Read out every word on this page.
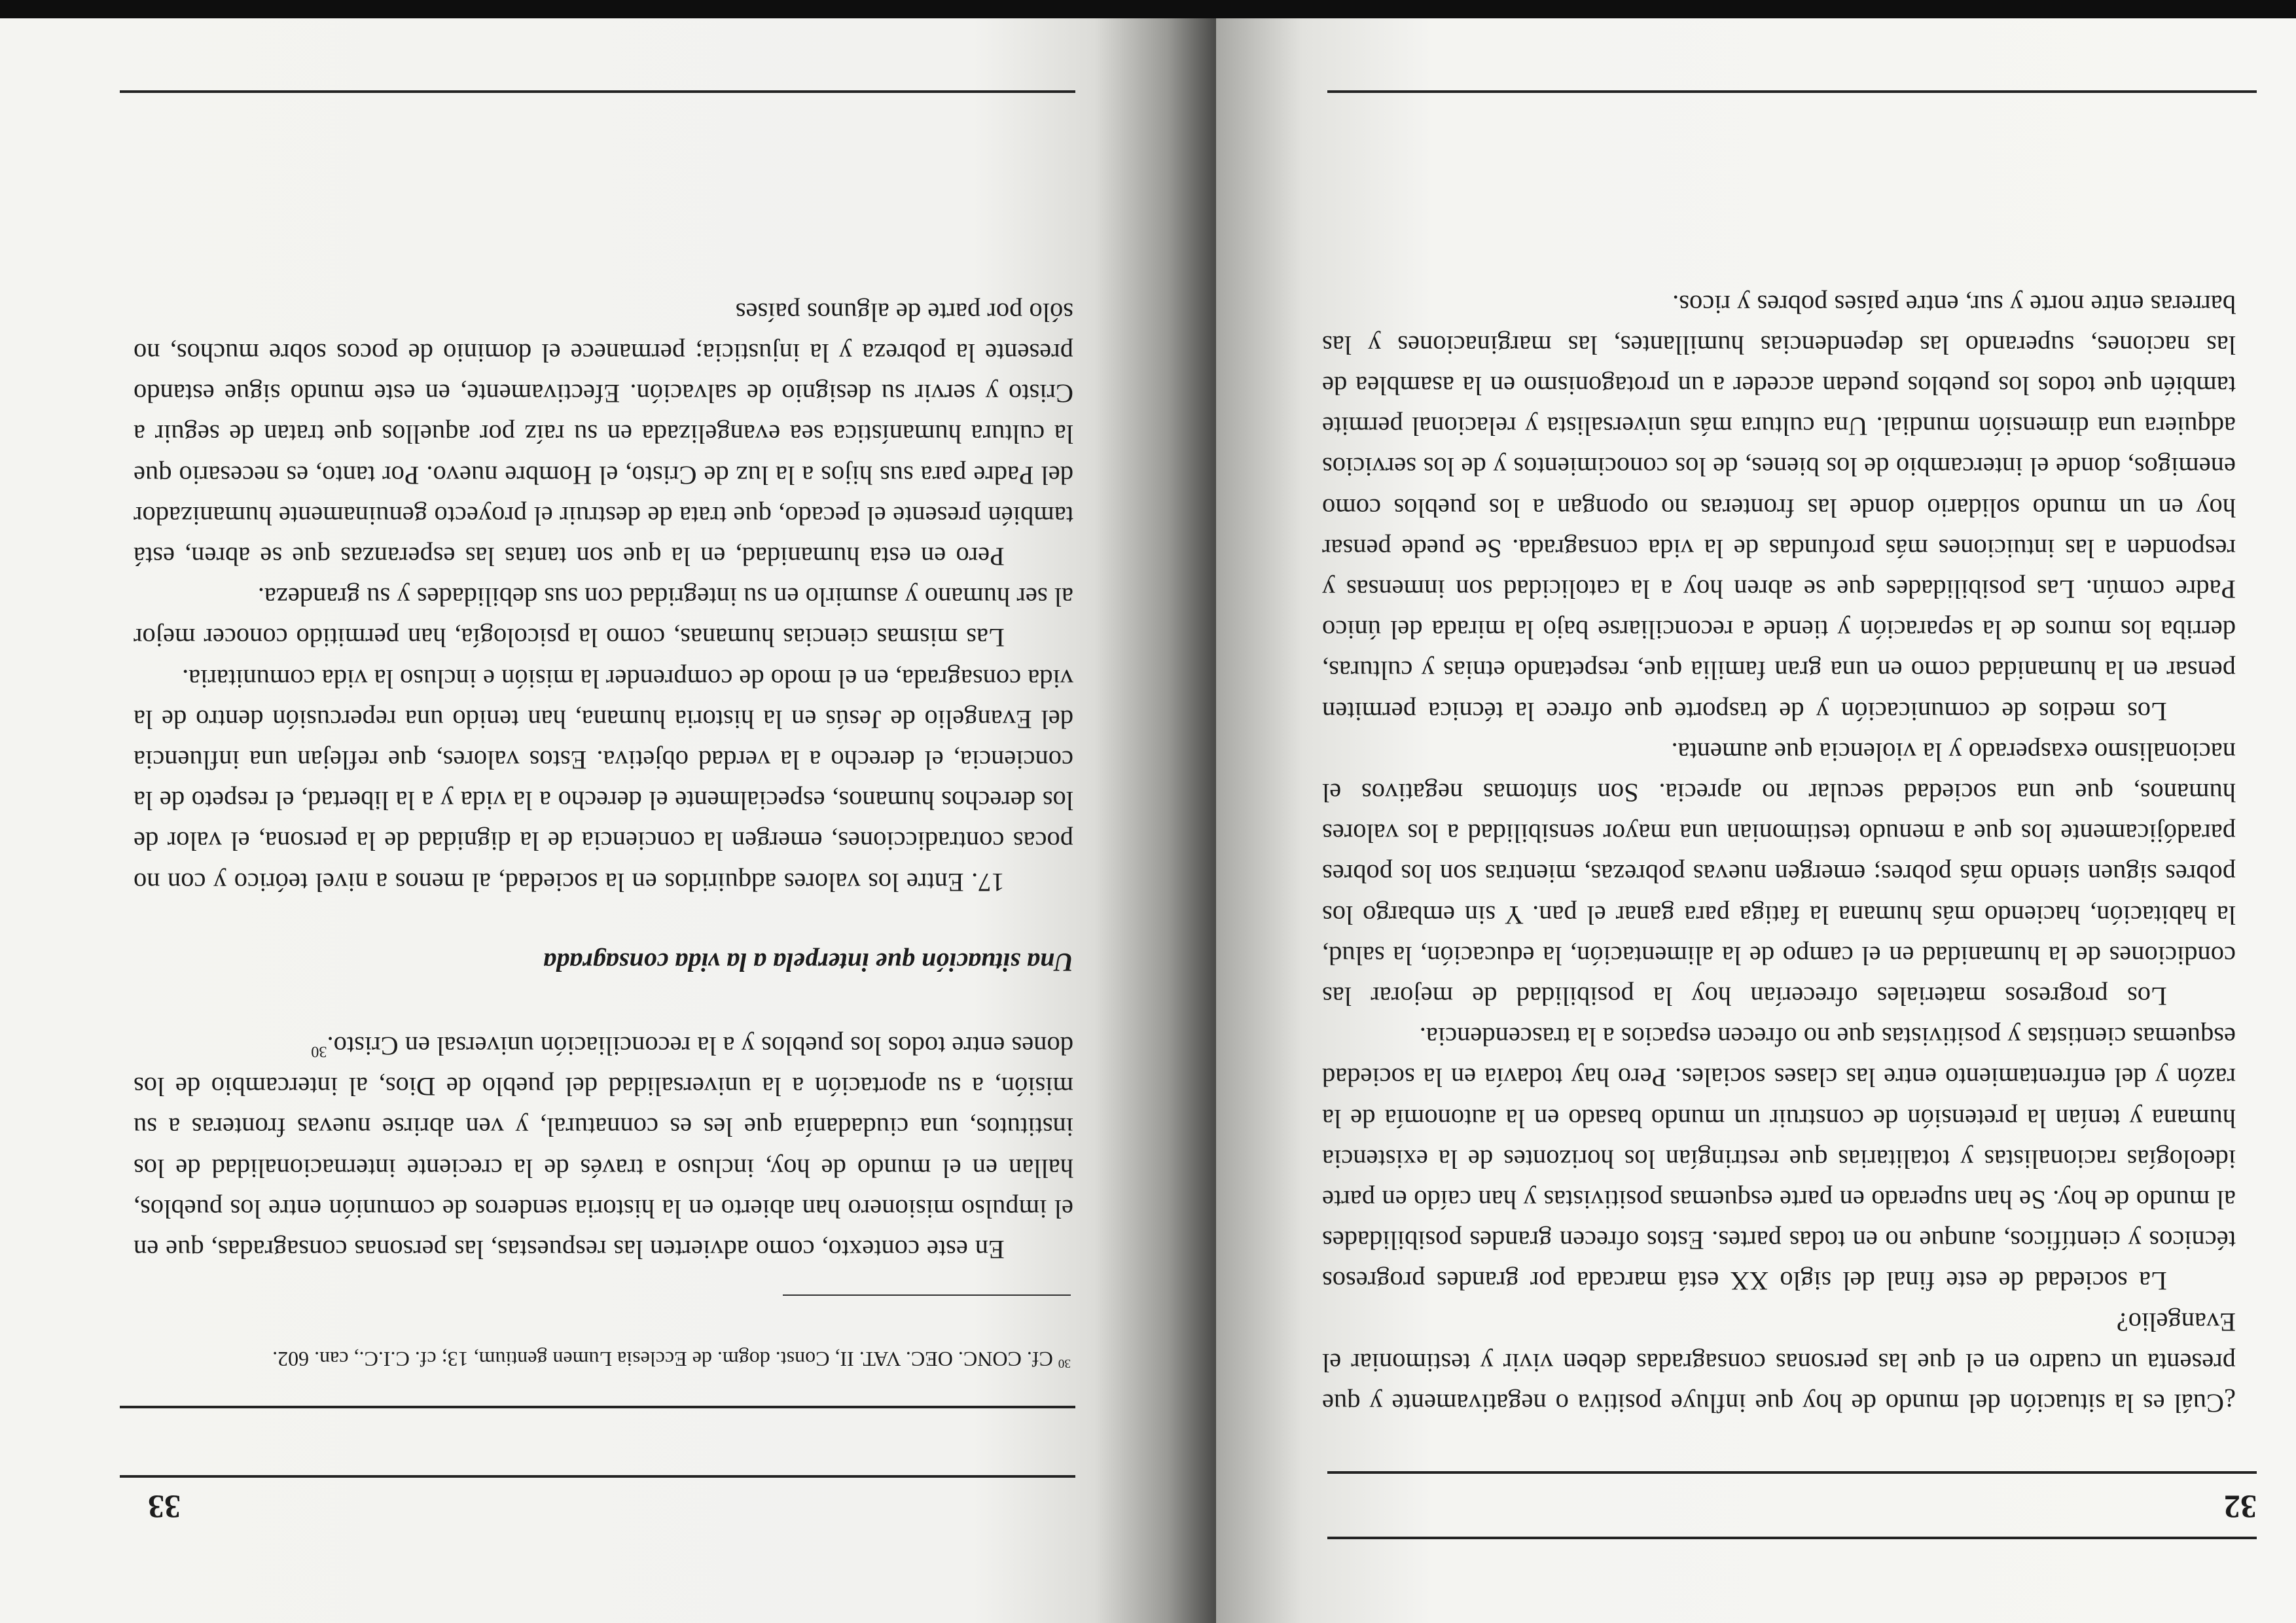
32

¿Cuál es la situación del mundo de hoy que influye positiva o negativamente y que presenta un cuadro en el que las personas consagradas deben vivir y testimoniar el Evangelio?

La sociedad de este final del siglo XX está marcada por grandes progresos técnicos y científicos, aunque no en todas partes. Estos ofrecen grandes posibilidades al mundo de hoy. Se han superado en parte esquemas positivistas y han caído en parte ideologías racionalistas y totalitarias que restringían los horizontes de la existencia humana y tenían la pretensión de construir un mundo basado en la autonomía de la razón y del enfrentamiento entre las clases sociales. Pero hay todavía en la sociedad esquemas cientistas y positivistas que no ofrecen espacios a la trascendencia.

Los progresos materiales ofrecerían hoy la posibilidad de mejorar las condiciones de la humanidad en el campo de la alimentación, la educación, la salud, la habitación, haciendo más humana la fatiga para ganar el pan. Y sin embargo los pobres siguen siendo más pobres; emergen nuevas pobrezas, mientras son los pobres paradójicamente los que a menudo testimonian una mayor sensibilidad a los valores humanos, que una sociedad secular no aprecia. Son síntomas negativos el nacionalismo exasperado y la violencia que aumenta.

Los medios de comunicación y de trasporte que ofrece la técnica permiten pensar en la humanidad como en una gran familia que, respetando etnias y culturas, derriba los muros de la separación y tiende a reconciliarse bajo la mirada del único Padre común. Las posibilidades que se abren hoy a la catolicidad son inmensas y responden a las intuiciones más profundas de la vida consagrada. Se puede pensar hoy en un mundo solidario donde las fronteras no opongan a los pueblos como enemigos, donde el intercambio de los bienes, de los conocimientos y de los servicios adquiera una dimensión mundial. Una cultura más universalista y relacional permite también que todos los pueblos puedan acceder a un protagonismo en la asamblea de las naciones, superando las dependencias humillantes, las marginaciones y las barreras entre norte y sur, entre países pobres y ricos.

33
$^{30}$ Cf. CONC. OEC. VAT. II, Const. dogm. de Ecclesia Lumen gentium, 13; cf. C.I.C., can. 602.

En este contexto, como advierten las respuestas, las personas consagradas, que en el impulso misionero han abierto en la historia senderos de comunión entre los pueblos, hallan en el mundo de hoy, incluso a través de la creciente internacionalidad de los institutos, una ciudadanía que les es connatural, y ven abrirse nuevas fronteras a su misión, a su aportación a la universalidad del pueblo de Dios, al intercambio de los dones entre todos los pueblos y a la reconciliación universal en Cristo.$^{30}$

Una situación que interpela a la vida consagrada

17. Entre los valores adquiridos en la sociedad, al menos a nivel teórico y con no pocas contradicciones, emergen la conciencia de la dignidad de la persona, el valor de los derechos humanos, especialmente el derecho a la vida y a la libertad, el respeto de la conciencia, el derecho a la verdad objetiva. Estos valores, que reflejan una influencia del Evangelio de Jesús en la historia humana, han tenido una repercusión dentro de la vida consagrada, en el modo de comprender la misión e incluso la vida comunitaria.

Las mismas ciencias humanas, como la psicología, han permitido conocer mejor al ser humano y asumirlo en su integridad con sus debilidades y su grandeza.

Pero en esta humanidad, en la que son tantas las esperanzas que se abren, está también presente el pecado, que trata de destruir el proyecto genuinamente humanizador del Padre para sus hijos a la luz de Cristo, el Hombre nuevo. Por tanto, es necesario que la cultura humanística sea evangelizada en su raíz por aquellos que tratan de seguir a Cristo y servir su designio de salvación. Efectivamente, en este mundo sigue estando presente la pobreza y la injusticia; permanece el dominio de pocos sobre muchos, no sólo por parte de algunos países
